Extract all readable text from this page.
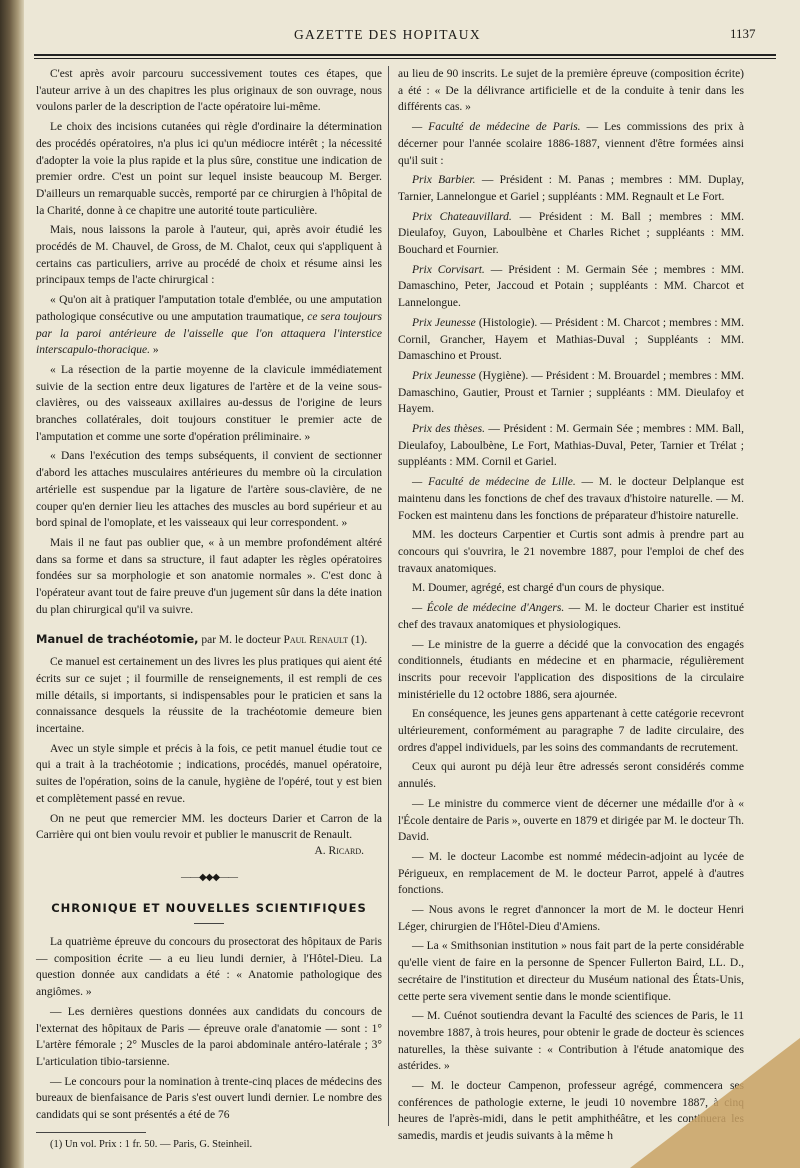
GAZETTE DES HOPITAUX	1137

C'est après avoir parcouru successivement toutes ces étapes, que l'auteur arrive à un des chapitres les plus originaux de son ouvrage, nous voulons parler de la description de l'acte opératoire lui-même.

Le choix des incisions cutanées qui règle d'ordinaire la détermination des procédés opératoires, n'a plus ici qu'un médiocre intérêt ; la nécessité d'adopter la voie la plus rapide et la plus sûre, constitue une indication de premier ordre. C'est un point sur lequel insiste beaucoup M. Berger. D'ailleurs un remarquable succès, remporté par ce chirurgien à l'hôpital de la Charité, donne à ce chapitre une autorité toute particulière.

Mais, nous laissons la parole à l'auteur, qui, après avoir étudié les procédés de M. Chauvel, de Gross, de M. Chalot, ceux qui s'appliquent à certains cas particuliers, arrive au procédé de choix et résume ainsi les principaux temps de l'acte chirurgical :

« Qu'on ait à pratiquer l'amputation totale d'emblée, ou une amputation pathologique consécutive ou une amputation traumatique, ce sera toujours par la paroi antérieure de l'aisselle que l'on attaquera l'interstice interscapulo-thoracique. »

« La résection de la partie moyenne de la clavicule immédiatement suivie de la section entre deux ligatures de l'artère et de la veine sous-clavières, ou des vaisseaux axillaires au-dessus de l'origine de leurs branches collatérales, doit toujours constituer le premier acte de l'amputation et comme une sorte d'opération préliminaire. »

« Dans l'exécution des temps subséquents, il convient de sectionner d'abord les attaches musculaires antérieures du membre où la circulation artérielle est suspendue par la ligature de l'artère sous-clavière, de ne couper qu'en dernier lieu les attaches des muscles au bord supérieur et au bord spinal de l'omoplate, et les vaisseaux qui leur correspondent. »

Mais il ne faut pas oublier que, « à un membre profondément altéré dans sa forme et dans sa structure, il faut adapter les règles opératoires fondées sur sa morphologie et son anatomie normales ». C'est donc à l'opérateur avant tout de faire preuve d'un jugement sûr dans la déte ination du plan chirurgical qu'il va suivre.

Manuel de trachéotomie, par M. le docteur Paul Renault (1).

Ce manuel est certainement un des livres les plus pratiques qui aient été écrits sur ce sujet ; il fourmille de renseignements, il est rempli de ces mille détails, si importants, si indispensables pour le praticien et sans la connaissance desquels la réussite de la trachéotomie demeure bien incertaine.

Avec un style simple et précis à la fois, ce petit manuel étudie tout ce qui a trait à la trachéotomie ; indications, procédés, manuel opératoire, suites de l'opération, soins de la canule, hygiène de l'opéré, tout y est bien et complètement passé en revue.

On ne peut que remercier MM. les docteurs Darier et Carron de la Carrière qui ont bien voulu revoir et publier le manuscrit de Renault.

A. Ricard.
——◆◆◆——
CHRONIQUE ET NOUVELLES SCIENTIFIQUES

La quatrième épreuve du concours du prosectorat des hôpitaux de Paris — composition écrite — a eu lieu lundi dernier, à l'Hôtel-Dieu. La question donnée aux candidats a été : « Anatomie pathologique des angiômes. »

— Les dernières questions données aux candidats du concours de l'externat des hôpitaux de Paris — épreuve orale d'anatomie — sont : 1° L'artère fémorale ; 2° Muscles de la paroi abdominale antéro-latérale ; 3° L'articulation tibio-tarsienne.

— Le concours pour la nomination à trente-cinq places de médecins des bureaux de bienfaisance de Paris s'est ouvert lundi dernier. Le nombre des candidats qui se sont présentés a été de 76

(1) Un vol. Prix : 1 fr. 50. — Paris, G. Steinheil.

au lieu de 90 inscrits. Le sujet de la première épreuve (composition écrite) a été : « De la délivrance artificielle et de la conduite à tenir dans les différents cas. »

— Faculté de médecine de Paris. — Les commissions des prix à décerner pour l'année scolaire 1886-1887, viennent d'être formées ainsi qu'il suit :

Prix Barbier. — Président : M. Panas ; membres : MM. Duplay, Tarnier, Lannelongue et Gariel ; suppléants : MM. Regnault et Le Fort.

Prix Chateauvillard. — Président : M. Ball ; membres : MM. Dieulafoy, Guyon, Laboulbène et Charles Richet ; suppléants : MM. Bouchard et Fournier.

Prix Corvisart. — Président : M. Germain Sée ; membres : MM. Damaschino, Peter, Jaccoud et Potain ; suppléants : MM. Charcot et Lannelongue.

Prix Jeunesse (Histologie). — Président : M. Charcot ; membres : MM. Cornil, Grancher, Hayem et Mathias-Duval ; Suppléants : MM. Damaschino et Proust.

Prix Jeunesse (Hygiène). — Président : M. Brouardel ; membres : MM. Damaschino, Gautier, Proust et Tarnier ; suppléants : MM. Dieulafoy et Hayem.

Prix des thèses. — Président : M. Germain Sée ; membres : MM. Ball, Dieulafoy, Laboulbène, Le Fort, Mathias-Duval, Peter, Tarnier et Trélat ; suppléants : MM. Cornil et Gariel.

— Faculté de médecine de Lille. — M. le docteur Delplanque est maintenu dans les fonctions de chef des travaux d'histoire naturelle. — M. Focken est maintenu dans les fonctions de préparateur d'histoire naturelle.

MM. les docteurs Carpentier et Curtis sont admis à prendre part au concours qui s'ouvrira, le 21 novembre 1887, pour l'emploi de chef des travaux anatomiques.

M. Doumer, agrégé, est chargé d'un cours de physique.

— École de médecine d'Angers. — M. le docteur Charier est institué chef des travaux anatomiques et physiologiques.

— Le ministre de la guerre a décidé que la convocation des engagés conditionnels, étudiants en médecine et en pharmacie, régulièrement inscrits pour recevoir l'application des dispositions de la circulaire ministérielle du 12 octobre 1886, sera ajournée.

En conséquence, les jeunes gens appartenant à cette catégorie recevront ultérieurement, conformément au paragraphe 7 de ladite circulaire, des ordres d'appel individuels, par les soins des commandants de recrutement.

Ceux qui auront pu déjà leur être adressés seront considérés comme annulés.

— Le ministre du commerce vient de décerner une médaille d'or à « l'École dentaire de Paris », ouverte en 1879 et dirigée par M. le docteur Th. David.

— M. le docteur Lacombe est nommé médecin-adjoint au lycée de Périgueux, en remplacement de M. le docteur Parrot, appelé à d'autres fonctions.

— Nous avons le regret d'annoncer la mort de M. le docteur Henri Léger, chirurgien de l'Hôtel-Dieu d'Amiens.

— La « Smithsonian institution » nous fait part de la perte considérable qu'elle vient de faire en la personne de Spencer Fullerton Baird, LL. D., secrétaire de l'institution et directeur du Muséum national des États-Unis, cette perte sera vivement sentie dans le monde scientifique.

— M. Cuénot soutiendra devant la Faculté des sciences de Paris, le 11 novembre 1887, à trois heures, pour obtenir le grade de docteur ès sciences naturelles, la thèse suivante : « Contribution à l'étude anatomique des astérides. »

— M. le docteur Campenon, professeur agrégé, commencera ses conférences de pathologie externe, le jeudi 10 novembre 1887, à cinq heures de l'après-midi, dans le petit amphithéâtre, et les continuera les samedis, mardis et jeudis suivants à la même h
